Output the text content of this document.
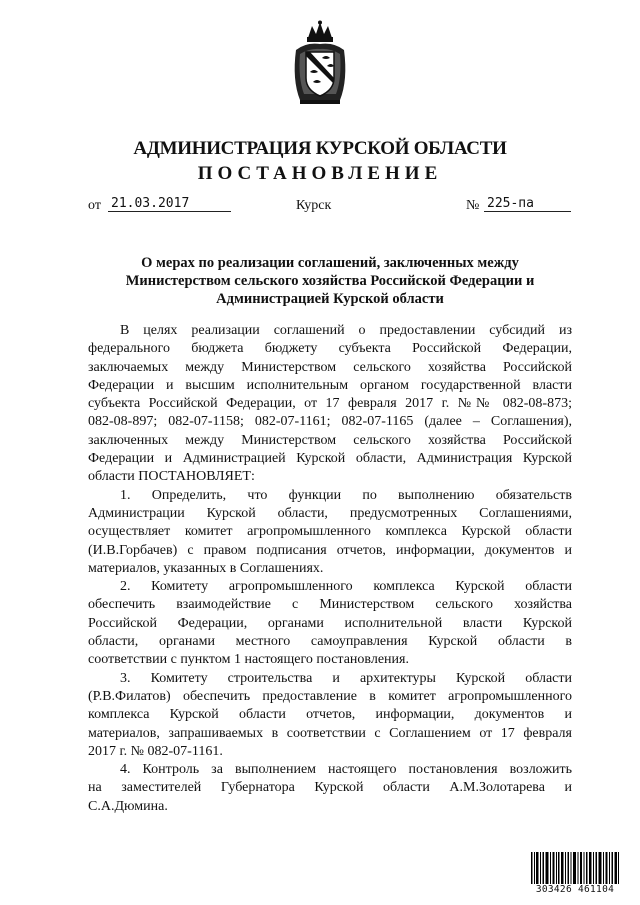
АДМИНИСТРАЦИЯ КУРСКОЙ ОБЛАСТИ
ПОСТАНОВЛЕНИЕ
от 21.03.2017	Курск	№ 225-па
О мерах по реализации соглашений, заключенных между
Министерством сельского хозяйства Российской Федерации и
Администрацией Курской области
В целях реализации соглашений о предоставлении субсидий из
федерального бюджета бюджету субъекта Российской Федерации,
заключаемых между Министерством сельского хозяйства Российской
Федерации и высшим исполнительным органом государственной власти
субъекта Российской Федерации, от 17 февраля 2017 г. №№ 082-08-873;
082-08-897; 082-07-1158; 082-07-1161; 082-07-1165 (далее – Соглашения),
заключенных между Министерством сельского хозяйства Российской
Федерации и Администрацией Курской области, Администрация Курской
области ПОСТАНОВЛЯЕТ:
1. Определить, что функции по выполнению обязательств
Администрации Курской области, предусмотренных Соглашениями,
осуществляет комитет агропромышленного комплекса Курской области
(И.В.Горбачев) с правом подписания отчетов, информации, документов и
материалов, указанных в Соглашениях.
2. Комитету агропромышленного комплекса Курской области
обеспечить взаимодействие с Министерством сельского хозяйства
Российской Федерации, органами исполнительной власти Курской
области, органами местного самоуправления Курской области в
соответствии с пунктом 1 настоящего постановления.
3. Комитету строительства и архитектуры Курской области
(Р.В.Филатов) обеспечить предоставление в комитет агропромышленного
комплекса Курской области отчетов, информации, документов и
материалов, запрашиваемых в соответствии с Соглашением от 17 февраля
2017 г. № 082-07-1161.
4. Контроль за выполнением настоящего постановления возложить
на заместителей Губернатора Курской области А.М.Золотарева и
С.А.Дюмина.
303426 461104
